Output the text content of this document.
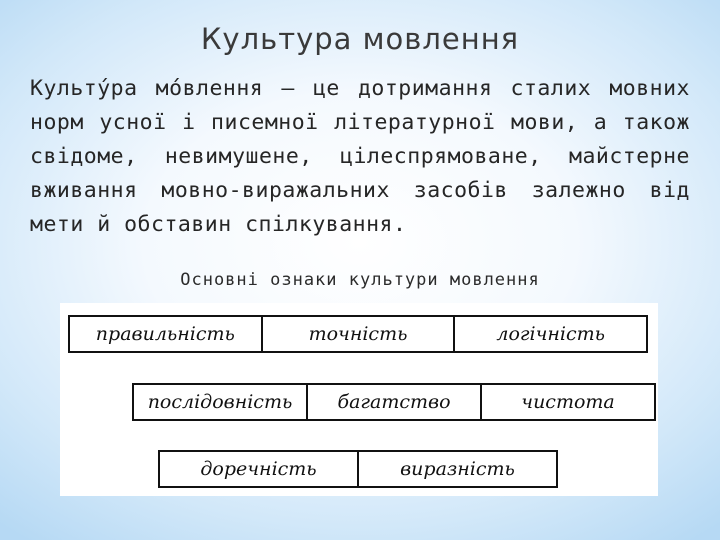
Культура мовлення
Культу́ра мо́влення — це дотримання сталих мовних норм усної і писемної літературної мови, а також свідоме, невимушене, цілеспрямоване, майстерне вживання мовно-виражальних засобів залежно від мети й обставин спілкування.
Основні ознаки культури мовлення
правильність	точність	логічність
послідовність	багатство	чистота
доречність	виразність
